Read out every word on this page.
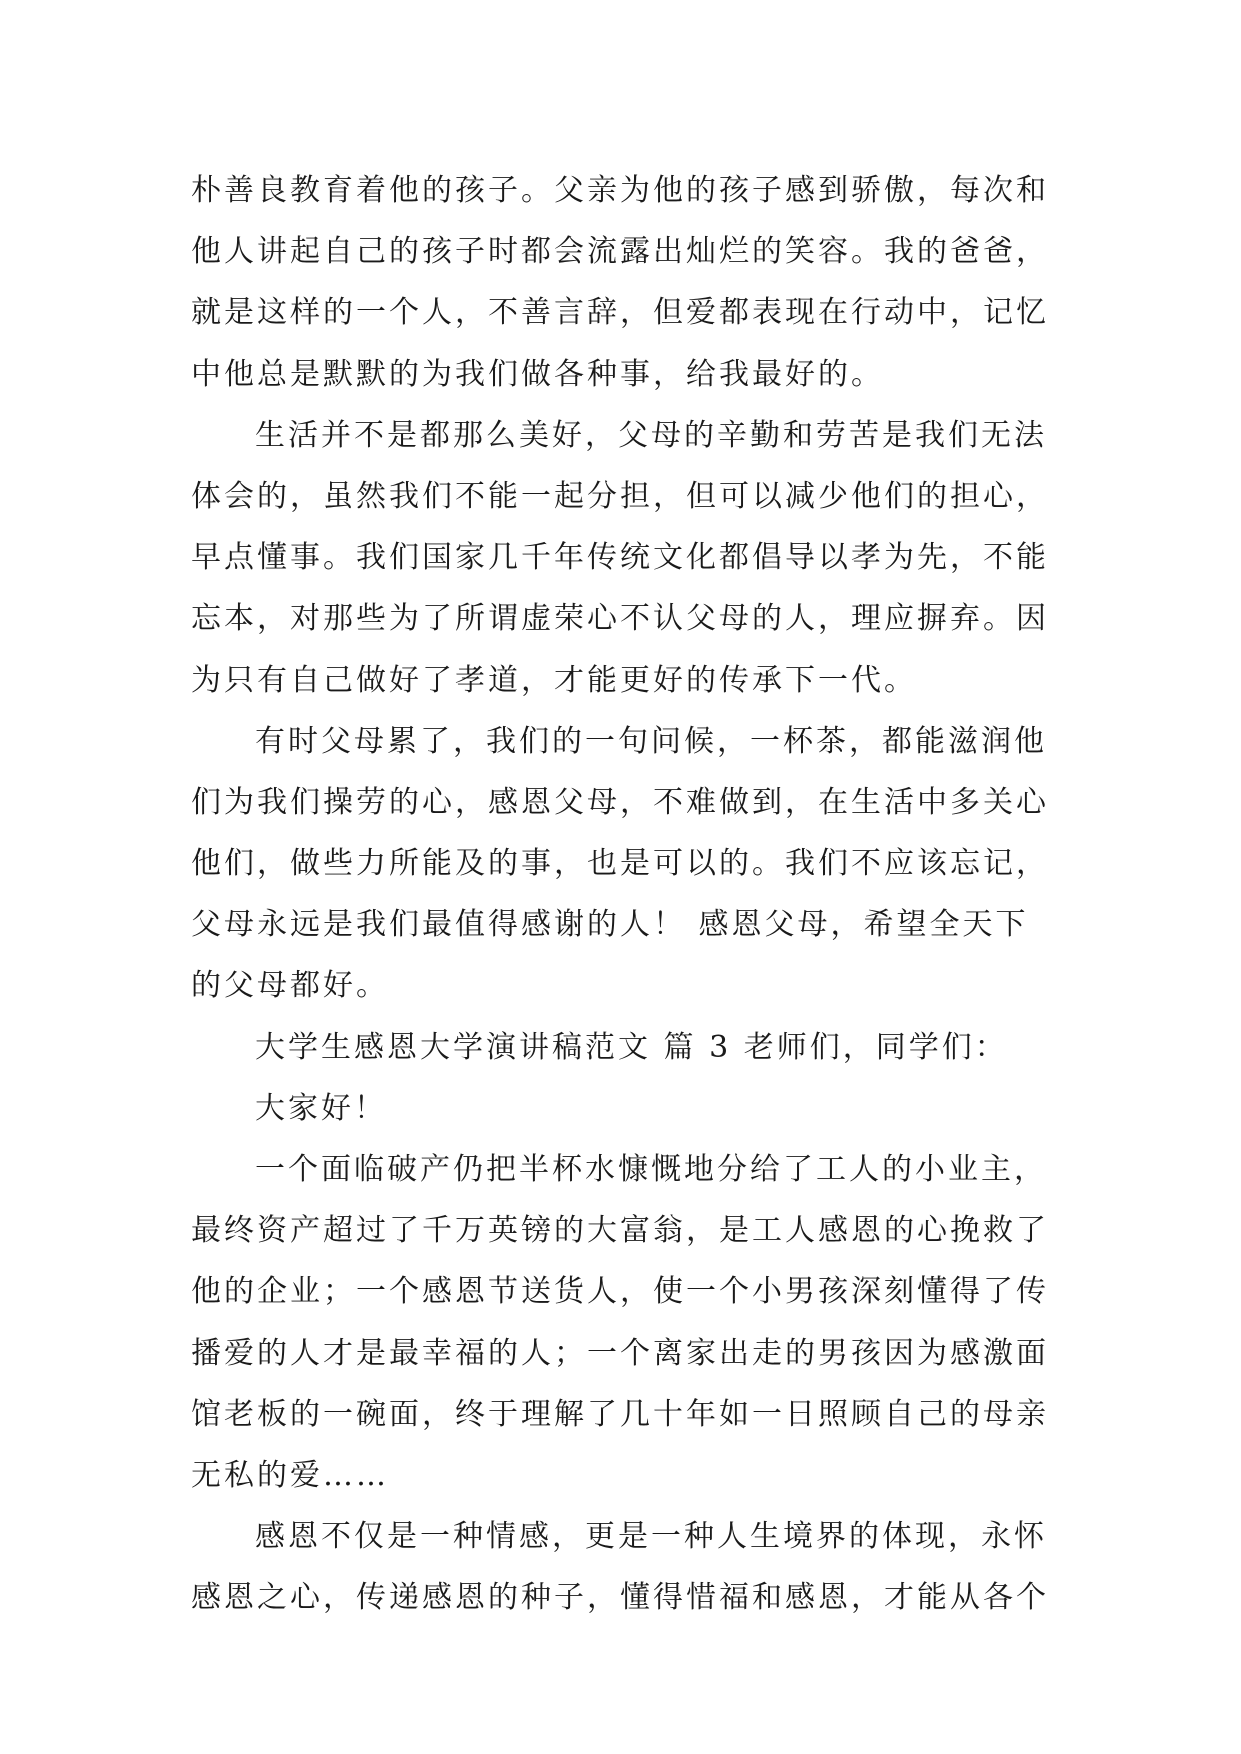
朴善良教育着他的孩子。父亲为他的孩子感到骄傲，每次和
他人讲起自己的孩子时都会流露出灿烂的笑容。我的爸爸，
就是这样的一个人，不善言辞，但爱都表现在行动中，记忆
中他总是默默的为我们做各种事，给我最好的。
生活并不是都那么美好，父母的辛勤和劳苦是我们无法
体会的，虽然我们不能一起分担，但可以减少他们的担心，
早点懂事。我们国家几千年传统文化都倡导以孝为先，不能
忘本，对那些为了所谓虚荣心不认父母的人，理应摒弃。因
为只有自己做好了孝道，才能更好的传承下一代。
有时父母累了，我们的一句问候，一杯茶，都能滋润他
们为我们操劳的心，感恩父母，不难做到，在生活中多关心
他们，做些力所能及的事，也是可以的。我们不应该忘记，
父母永远是我们最值得感谢的人！ 感恩父母，希望全天下
的父母都好。
大学生感恩大学演讲稿范文 篇 3 老师们，同学们：
大家好！
一个面临破产仍把半杯水慷慨地分给了工人的小业主，
最终资产超过了千万英镑的大富翁，是工人感恩的心挽救了
他的企业；一个感恩节送货人，使一个小男孩深刻懂得了传
播爱的人才是最幸福的人；一个离家出走的男孩因为感激面
馆老板的一碗面，终于理解了几十年如一日照顾自己的母亲
无私的爱……
感恩不仅是一种情感，更是一种人生境界的体现，永怀
感恩之心，传递感恩的种子，懂得惜福和感恩，才能从各个
